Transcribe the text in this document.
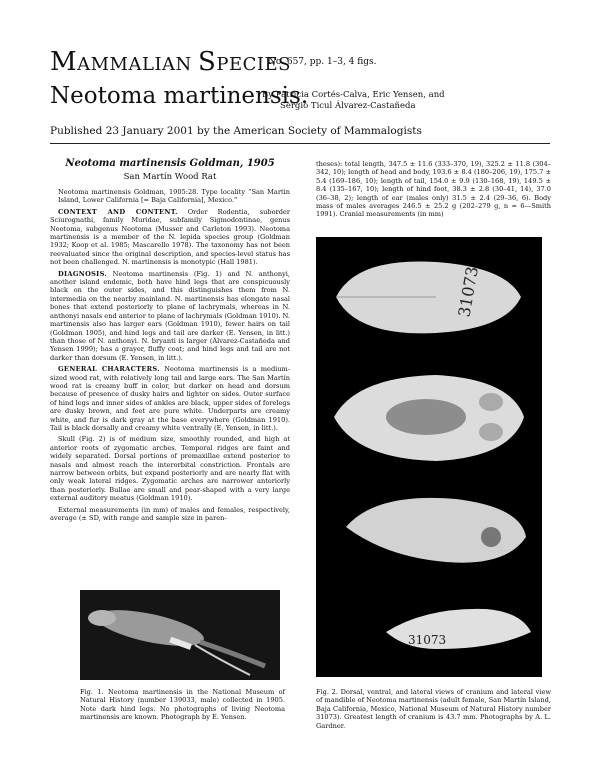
MAMMALIAN SPECIES
No. 657, pp. 1–3, 4 figs.
Neotoma martinensis.
By Patricia Cortés-Calva, Eric Yensen, and
Sergio Ticul Álvarez-Castañeda
Published 23 January 2001 by the American Society of Mammalogists
Neotoma martinensis Goldman, 1905
San Martín Wood Rat

Neotoma martinensis Goldman, 1905:28. Type locality “San Martin Island, Lower California [= Baja California], Mexico.”

CONTEXT AND CONTENT. Order Rodentia, suborder Sciurognathi, family Muridae, subfamily Sigmodontinae, genus Neotoma, subgenus Neotoma (Musser and Carleton 1993). Neotoma martinensis is a member of the N. lepida species group (Goldman 1932; Koop et al. 1985; Mascarello 1978). The taxonomy has not been reevaluated since the original description, and species-level status has not been challenged. N. martinensis is monotypic (Hall 1981).

DIAGNOSIS. Neotoma martinensis (Fig. 1) and N. anthonyi, another island endemic, both have hind legs that are conspicuously black on the outer sides, and this distinguishes them from N. intermedia on the nearby mainland. N. martinensis has elongate nasal bones that extend posteriorly to plane of lachrymals, whereas in N. anthonyi nasals end anterior to plane of lachrymals (Goldman 1910). N. martinensis also has larger ears (Goldman 1910), fewer hairs on tail (Goldman 1905), and hind legs and tail are darker (E. Yensen, in litt.) than those of N. anthonyi. N. bryanti is larger (Álvarez-Castañeda and Yensen 1999); has a grayer, fluffy coat; and hind legs and tail are not darker than dorsum (E. Yensen, in litt.).

GENERAL CHARACTERS. Neotoma martinensis is a medium-sized wood rat, with relatively long tail and large ears. The San Martín wood rat is creamy buff in color, but darker on head and dorsum because of presence of dusky hairs and lighter on sides. Outer surface of hind legs and inner sides of ankles are black, upper sides of forelegs are dusky brown, and feet are pure white. Underparts are creamy white, and fur is dark gray at the base everywhere (Goldman 1910). Tail is black dorsally and creamy white ventrally (E. Yensen, in litt.).

Skull (Fig. 2) is of medium size, smoothly rounded, and high at anterior roots of zygomatic arches. Temporal ridges are faint and widely separated. Dorsal portions of premaxillae extend posterior to nasals and almost reach the interorbital constriction. Frontals are narrow between orbits, but expand posteriorly and are nearly flat with only weak lateral ridges. Zygomatic arches are narrower anteriorly than posteriorly. Bullae are small and pear-shaped with a very large external auditory meatus (Goldman 1910).

External measurements (in mm) of males and females, respectively, average (± SD, with range and sample size in paren-

Fig. 1. Neotoma martinensis in the National Museum of Natural History (number 139033, male) collected in 1905. Note dark hind legs. No photographs of living Neotoma martinensis are known. Photograph by E. Yensen.
theses): total length, 347.5 ± 11.6 (333–370, 19), 325.2 ± 11.8 (304–342, 10); length of head and body, 193.6 ± 8.4 (180–206, 19), 175.7 ± 5.4 (169–186, 10); length of tail, 154.0 ± 9.9 (130–168, 19), 149.5 ± 8.4 (135–167, 10); length of hind foot, 38.3 ± 2.8 (30–41, 14), 37.0 (36–38, 2); length of ear (males only) 31.5 ± 2.4 (29–36, 6). Body mass of males averages 246.5 ± 25.2 g (202–279 g, n = 6—Smith 1991). Cranial measurements (in mm)
31073
31073
Fig. 2. Dorsal, ventral, and lateral views of cranium and lateral view of mandible of Neotoma martinensis (adult female, San Martín Island, Baja California, Mexico, National Museum of Natural History number 31073). Greatest length of cranium is 43.7 mm. Photographs by A. L. Gardner.
